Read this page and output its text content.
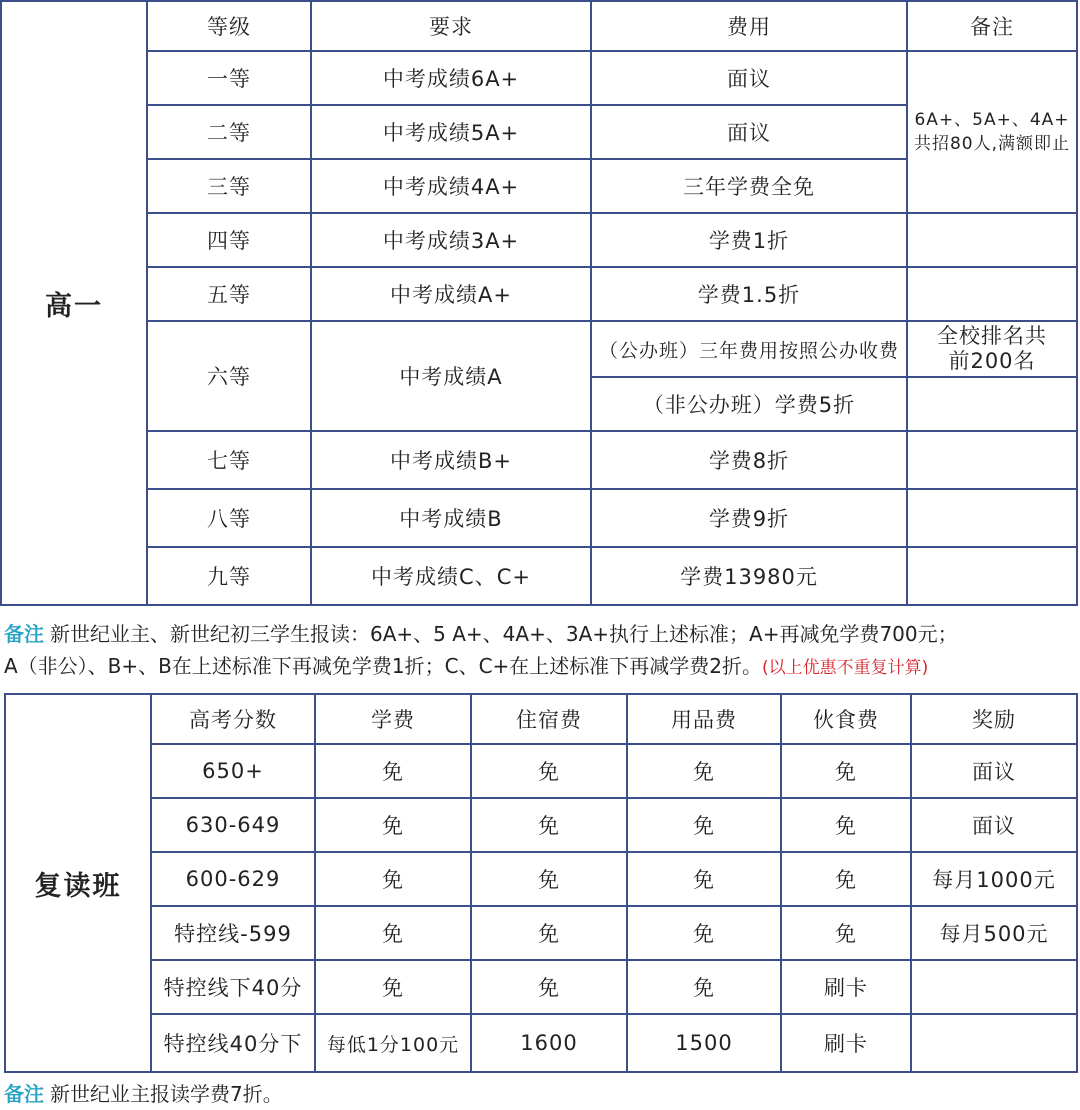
高一	等级	要求	费用	备注
	一等	中考成绩6A+	面议	6A+、5A+、4A+
共招80人,满额即止

	二等	中考成绩5A+	面议	
	三等	中考成绩4A+	三年学费全免	
	四等	中考成绩3A+	学费1折	
	五等	中考成绩A+	学费1.5折	
	六等	中考成绩A	（公办班）三年费用按照公办收费	全校排名共
前200名

			（非公办班）学费5折	
	七等	中考成绩B+	学费8折	
	八等	中考成绩B	学费9折	
	九等	中考成绩C、C+	学费13980元	
备注 新世纪业主、新世纪初三学生报读：6A+、5 A+、4A+、3A+执行上述标准；A+再减免学费700元；
A（非公）、B+、B在上述标准下再减免学费1折；C、C+在上述标准下再减学费2折。(以上优惠不重复计算)
复读班	高考分数	学费	住宿费	用品费	伙食费	奖励
	650+	免	免	免	免	面议
	630-649	免	免	免	免	面议
	600-629	免	免	免	免	每月1000元
	特控线-599	免	免	免	免	每月500元
	特控线下40分	免	免	免	刷卡	
	特控线40分下	每低1分100元	1600	1500	刷卡	
备注 新世纪业主报读学费7折。
